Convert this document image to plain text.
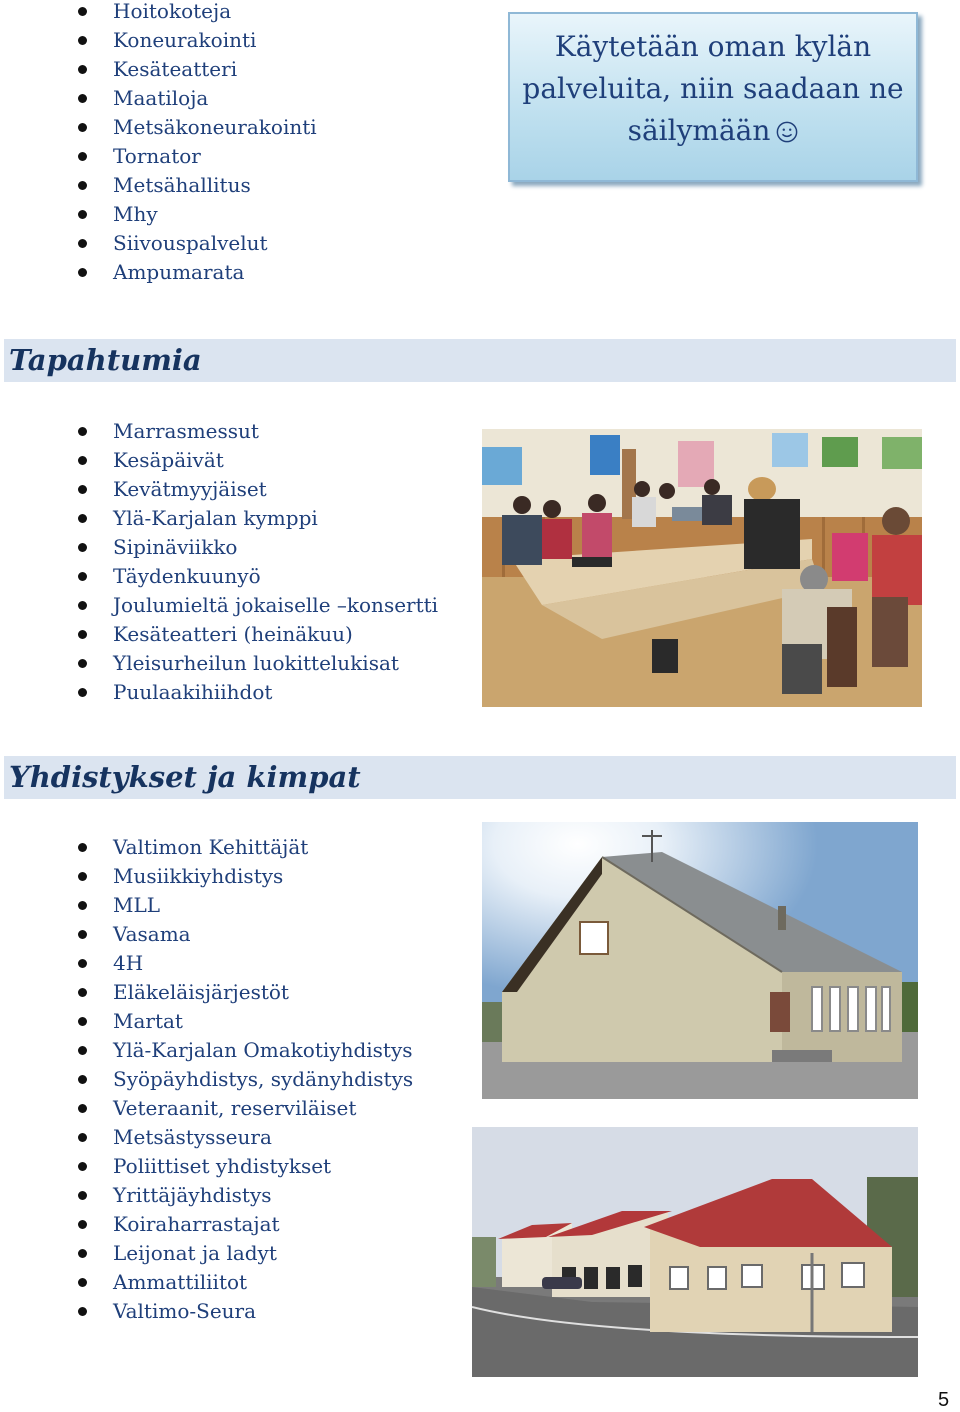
Hoitokoteja
Koneurakointi
Kesäteatteri
Maatiloja
Metsäkoneurakointi
Tornator
Metsähallitus
Mhy
Siivouspalvelut
Ampumarata
Käytetään oman kylän
palveluita, niin saadaan ne
säilymään
Tapahtumia
Marrasmessut
Kesäpäivät
Kevätmyyjäiset
Ylä-Karjalan kymppi
Sipinäviikko
Täydenkuunyö
Joulumieltä jokaiselle –konsertti
Kesäteatteri (heinäkuu)
Yleisurheilun luokittelukisat
Puulaakihiihdot
Yhdistykset ja kimpat
Valtimon Kehittäjät
Musiikkiyhdistys
MLL
Vasama
4H
Eläkeläisjärjestöt
Martat
Ylä-Karjalan Omakotiyhdistys
Syöpäyhdistys, sydänyhdistys
Veteraanit, reserviläiset
Metsästysseura
Poliittiset yhdistykset
Yrittäjäyhdistys
Koiraharrastajat
Leijonat ja ladyt
Ammattiliitot
Valtimo-Seura
5
